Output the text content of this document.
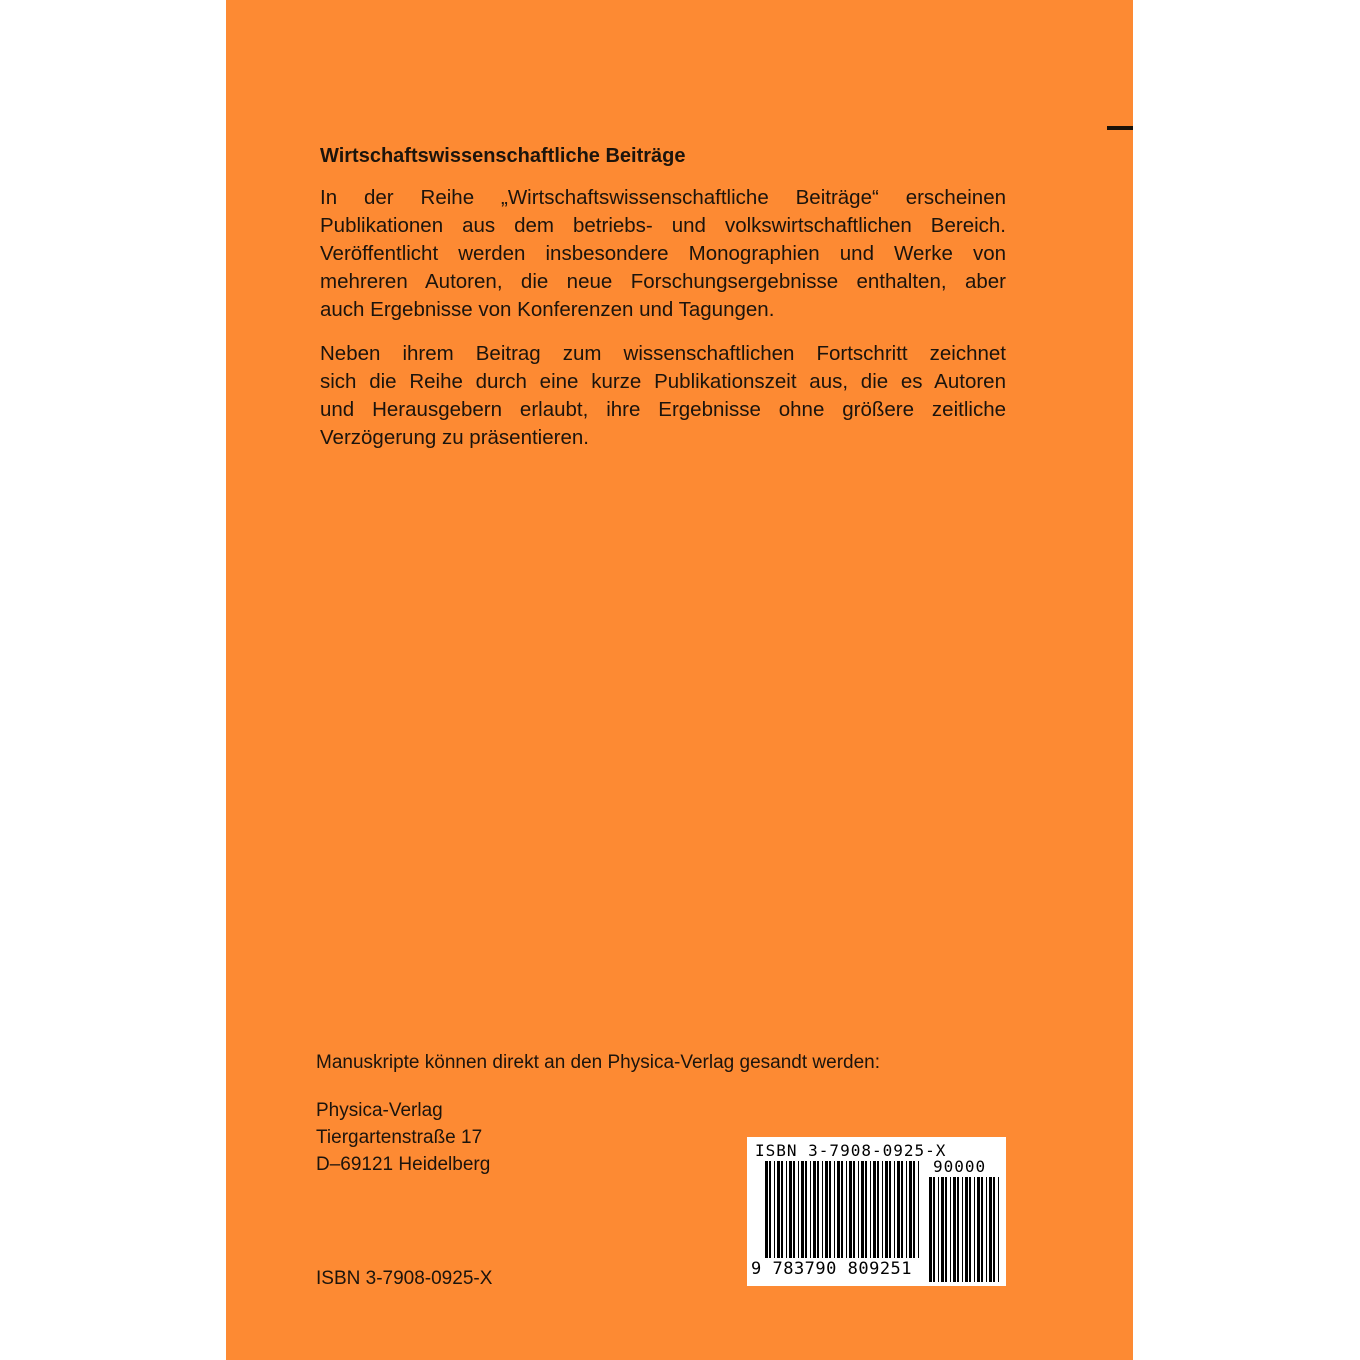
Wirtschaftswissenschaftliche Beiträge
In der Reihe „Wirtschaftswissenschaftliche Beiträge“ erscheinen
Publikationen aus dem betriebs- und volkswirtschaftlichen Bereich.
Veröffentlicht werden insbesondere Monographien und Werke von
mehreren Autoren, die neue Forschungsergebnisse enthalten, aber
auch Ergebnisse von Konferenzen und Tagungen.
Neben ihrem Beitrag zum wissenschaftlichen Fortschritt zeichnet
sich die Reihe durch eine kurze Publikationszeit aus, die es Autoren
und Herausgebern erlaubt, ihre Ergebnisse ohne größere zeitliche
Verzögerung zu präsentieren.
Manuskripte können direkt an den Physica-Verlag gesandt werden:
Physica-Verlag
Tiergartenstraße 17
D–69121 Heidelberg
ISBN 3-7908-0925-X
ISBN 3-7908-0925-X
90000
9 783790 809251
